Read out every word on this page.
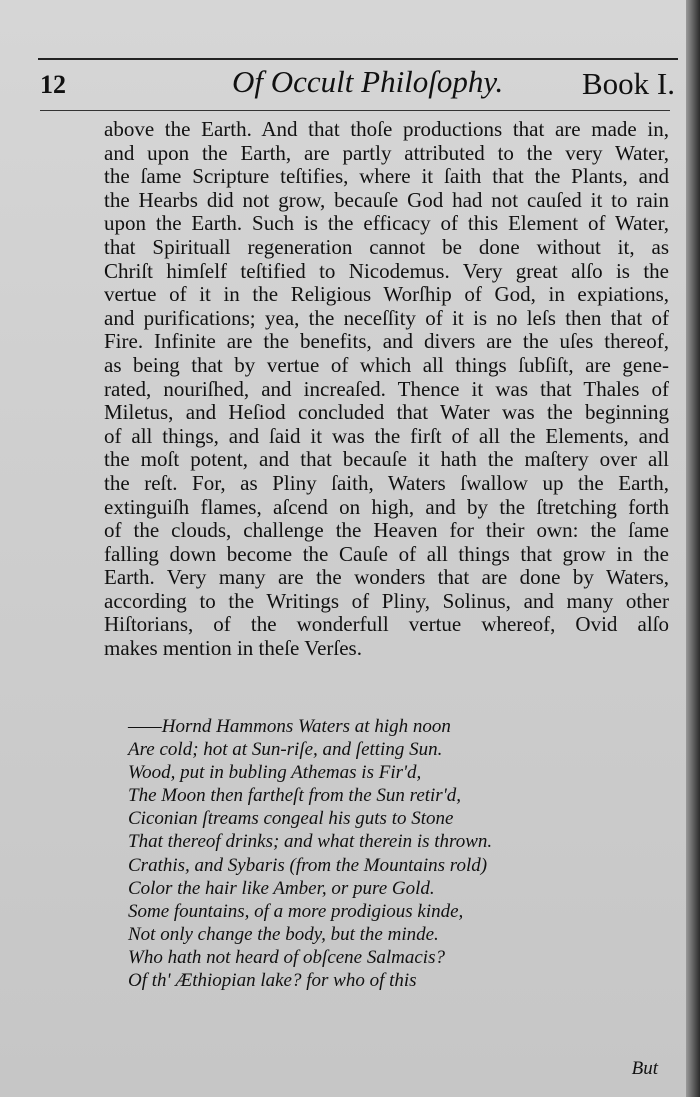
12	Of Occult Philoſophy.	Book I.
above the Earth. And that thoſe productions that are made in,
and upon the Earth, are partly attributed to the very Water,
the ſame Scripture teſtifies, where it ſaith that the Plants, and
the Hearbs did not grow, becauſe God had not cauſed it to rain
upon the Earth. Such is the efficacy of this Element of Water,
that Spirituall regeneration cannot be done without it, as
Chriſt himſelf teſtified to Nicodemus. Very great alſo is the
vertue of it in the Religious Worſhip of God, in expiations,
and purifications; yea, the neceſſity of it is no leſs then that of
Fire. Infinite are the benefits, and divers are the uſes thereof,
as being that by vertue of which all things ſubſiſt, are gene-
rated, nouriſhed, and increaſed. Thence it was that Thales of
Miletus, and Heſiod concluded that Water was the beginning
of all things, and ſaid it was the firſt of all the Elements, and
the moſt potent, and that becauſe it hath the maſtery over all
the reſt. For, as Pliny ſaith, Waters ſwallow up the Earth,
extinguiſh flames, aſcend on high, and by the ſtretching forth
of the clouds, challenge the Heaven for their own: the ſame
falling down become the Cauſe of all things that grow in the
Earth. Very many are the wonders that are done by Waters,
according to the Writings of Pliny, Solinus, and many other
Hiſtorians, of the wonderfull vertue whereof, Ovid alſo
makes mention in theſe Verſes.
——Hornd Hammons Waters at high noon
Are cold; hot at Sun-riſe, and ſetting Sun.
Wood, put in bubling Athemas is Fir'd,
The Moon then fartheſt from the Sun retir'd,
Ciconian ſtreams congeal his guts to Stone
That thereof drinks; and what therein is thrown.
Crathis, and Sybaris (from the Mountains rold)
Color the hair like Amber, or pure Gold.
Some fountains, of a more prodigious kinde,
Not only change the body, but the minde.
Who hath not heard of obſcene Salmacis?
Of th' Æthiopian lake? for who of this
But
